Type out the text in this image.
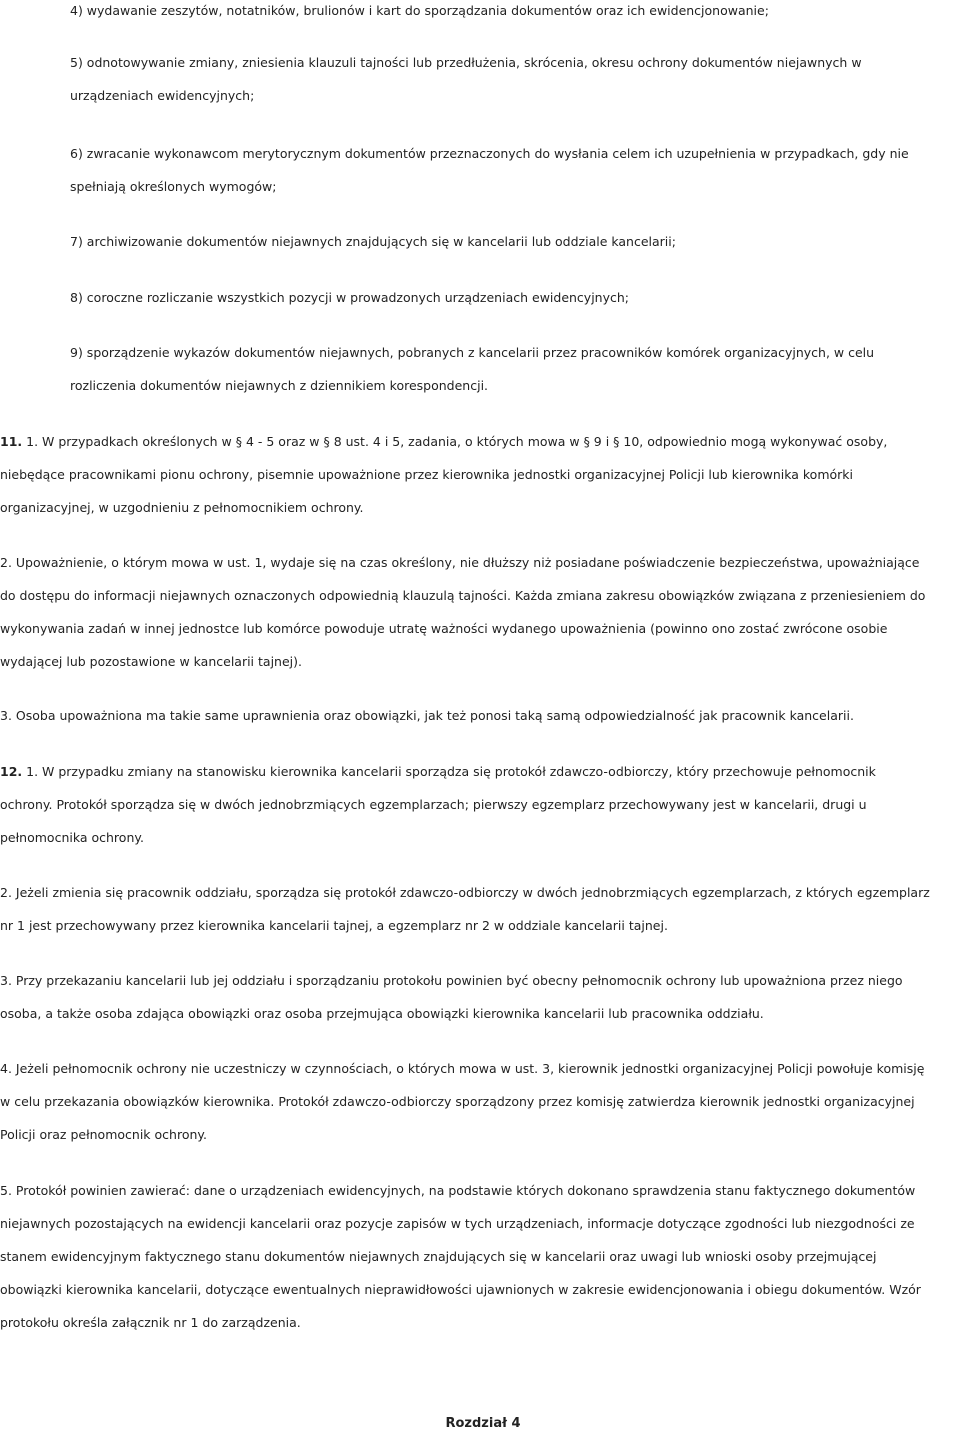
4) wydawanie zeszytów, notatników, brulionów i kart do sporządzania dokumentów oraz ich ewidencjonowanie;
5) odnotowywanie zmiany, zniesienia klauzuli tajności lub przedłużenia, skrócenia, okresu ochrony dokumentów niejawnych w
urządzeniach ewidencyjnych;
6) zwracanie wykonawcom merytorycznym dokumentów przeznaczonych do wysłania celem ich uzupełnienia w przypadkach, gdy nie
spełniają określonych wymogów;
7) archiwizowanie dokumentów niejawnych znajdujących się w kancelarii lub oddziale kancelarii;
8) coroczne rozliczanie wszystkich pozycji w prowadzonych urządzeniach ewidencyjnych;
9) sporządzenie wykazów dokumentów niejawnych, pobranych z kancelarii przez pracowników komórek organizacyjnych, w celu
rozliczenia dokumentów niejawnych z dziennikiem korespondencji.
11. 1. W przypadkach określonych w § 4 - 5 oraz w § 8 ust. 4 i 5, zadania, o których mowa w § 9 i § 10, odpowiednio mogą wykonywać osoby,
niebędące pracownikami pionu ochrony, pisemnie upoważnione przez kierownika jednostki organizacyjnej Policji lub kierownika komórki
organizacyjnej, w uzgodnieniu z pełnomocnikiem ochrony.
2. Upoważnienie, o którym mowa w ust. 1, wydaje się na czas określony, nie dłuższy niż posiadane poświadczenie bezpieczeństwa, upoważniające
do dostępu do informacji niejawnych oznaczonych odpowiednią klauzulą tajności. Każda zmiana zakresu obowiązków związana z przeniesieniem do
wykonywania zadań w innej jednostce lub komórce powoduje utratę ważności wydanego upoważnienia (powinno ono zostać zwrócone osobie
wydającej lub pozostawione w kancelarii tajnej).
3. Osoba upoważniona ma takie same uprawnienia oraz obowiązki, jak też ponosi taką samą odpowiedzialność jak pracownik kancelarii.
12. 1. W przypadku zmiany na stanowisku kierownika kancelarii sporządza się protokół zdawczo-odbiorczy, który przechowuje pełnomocnik
ochrony. Protokół sporządza się w dwóch jednobrzmiących egzemplarzach; pierwszy egzemplarz przechowywany jest w kancelarii, drugi u
pełnomocnika ochrony.
2. Jeżeli zmienia się pracownik oddziału, sporządza się protokół zdawczo-odbiorczy w dwóch jednobrzmiących egzemplarzach, z których egzemplarz
nr 1 jest przechowywany przez kierownika kancelarii tajnej, a egzemplarz nr 2 w oddziale kancelarii tajnej.
3. Przy przekazaniu kancelarii lub jej oddziału i sporządzaniu protokołu powinien być obecny pełnomocnik ochrony lub upoważniona przez niego
osoba, a także osoba zdająca obowiązki oraz osoba przejmująca obowiązki kierownika kancelarii lub pracownika oddziału.
4. Jeżeli pełnomocnik ochrony nie uczestniczy w czynnościach, o których mowa w ust. 3, kierownik jednostki organizacyjnej Policji powołuje komisję
w celu przekazania obowiązków kierownika. Protokół zdawczo-odbiorczy sporządzony przez komisję zatwierdza kierownik jednostki organizacyjnej
Policji oraz pełnomocnik ochrony.
5. Protokół powinien zawierać: dane o urządzeniach ewidencyjnych, na podstawie których dokonano sprawdzenia stanu faktycznego dokumentów
niejawnych pozostających na ewidencji kancelarii oraz pozycje zapisów w tych urządzeniach, informacje dotyczące zgodności lub niezgodności ze
stanem ewidencyjnym faktycznego stanu dokumentów niejawnych znajdujących się w kancelarii oraz uwagi lub wnioski osoby przejmującej
obowiązki kierownika kancelarii, dotyczące ewentualnych nieprawidłowości ujawnionych w zakresie ewidencjonowania i obiegu dokumentów. Wzór
protokołu określa załącznik nr 1 do zarządzenia.
Rozdział 4
